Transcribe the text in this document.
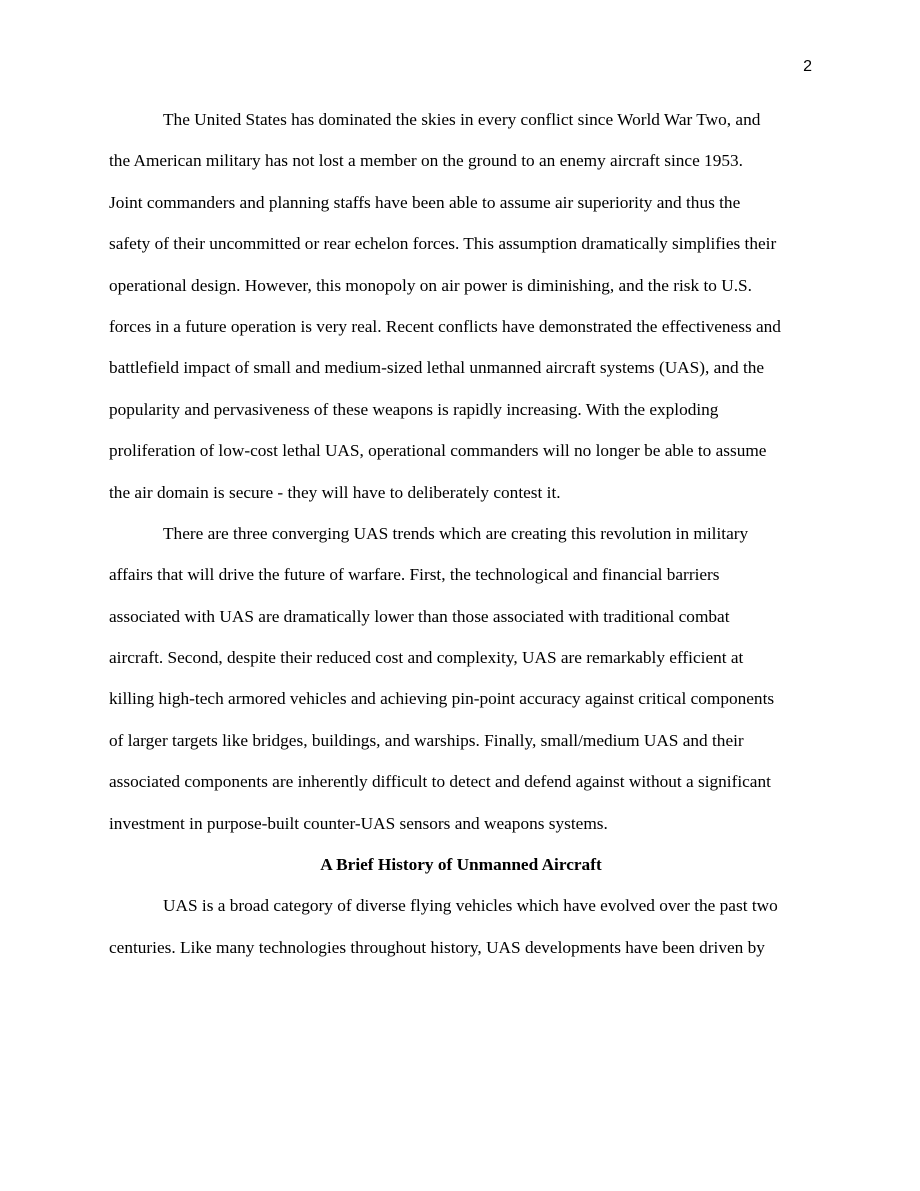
2
The United States has dominated the skies in every conflict since World War Two, and
the American military has not lost a member on the ground to an enemy aircraft since 1953.
Joint commanders and planning staffs have been able to assume air superiority and thus the
safety of their uncommitted or rear echelon forces. This assumption dramatically simplifies their
operational design. However, this monopoly on air power is diminishing, and the risk to U.S.
forces in a future operation is very real. Recent conflicts have demonstrated the effectiveness and
battlefield impact of small and medium-sized lethal unmanned aircraft systems (UAS), and the
popularity and pervasiveness of these weapons is rapidly increasing. With the exploding
proliferation of low-cost lethal UAS, operational commanders will no longer be able to assume
the air domain is secure - they will have to deliberately contest it.
There are three converging UAS trends which are creating this revolution in military
affairs that will drive the future of warfare. First, the technological and financial barriers
associated with UAS are dramatically lower than those associated with traditional combat
aircraft. Second, despite their reduced cost and complexity, UAS are remarkably efficient at
killing high-tech armored vehicles and achieving pin-point accuracy against critical components
of larger targets like bridges, buildings, and warships. Finally, small/medium UAS and their
associated components are inherently difficult to detect and defend against without a significant
investment in purpose-built counter-UAS sensors and weapons systems.
A Brief History of Unmanned Aircraft
UAS is a broad category of diverse flying vehicles which have evolved over the past two
centuries. Like many technologies throughout history, UAS developments have been driven by
